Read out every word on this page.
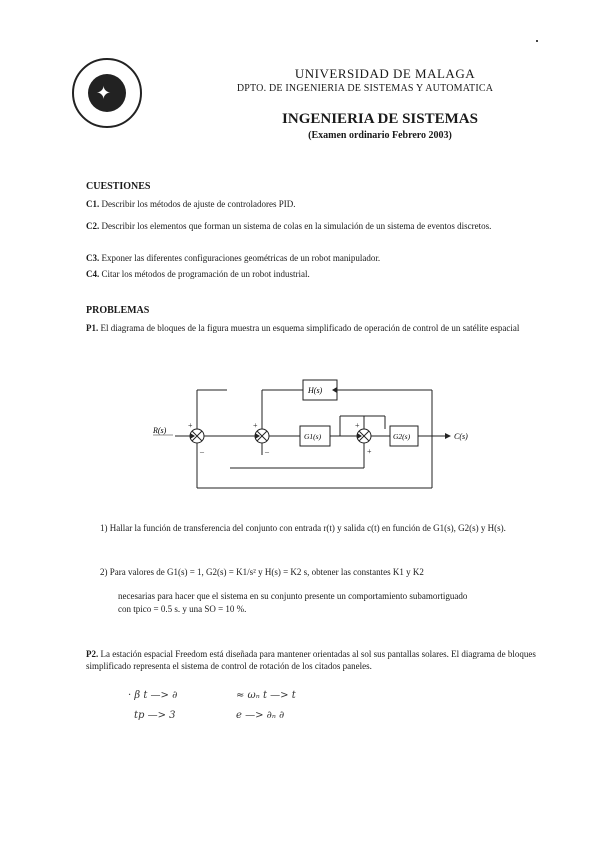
✦
UNIVERSIDAD DE MALAGA
DPTO. DE INGENIERIA DE SISTEMAS Y AUTOMATICA
INGENIERIA DE SISTEMAS
(Examen ordinario Febrero 2003)
CUESTIONES
C1. Describir los métodos de ajuste de controladores PID.
C2. Describir los elementos que forman un sistema de colas en la simulación de un sistema de eventos discretos.
C3. Exponer las diferentes configuraciones geométricas de un robot manipulador.
C4. Citar los métodos de programación de un robot industrial.
PROBLEMAS
P1. El diagrama de bloques de la figura muestra un esquema simplificado de operación de control de un satélite espacial
R(s)
C(s)
H(s)
G1(s)	G2(s)
+
–
+
–
+
+
1) Hallar la función de transferencia del conjunto con entrada r(t) y salida c(t) en función de G1(s), G2(s) y H(s).
2) Para valores de G1(s) = 1, G2(s) = K1/s² y H(s) = K2 s, obtener las constantes K1 y K2
necesarias para hacer que el sistema en su conjunto presente un comportamiento subamortiguado
con tpico = 0.5 s. y una SO = 10 %.
P2. La estación espacial Freedom está diseñada para mantener orientadas al sol sus pantallas solares. El diagrama de bloques simplificado representa el sistema de control de rotación de los citados paneles.
· β t —> ∂	≈ ωₙ t —> t
tp —> 3	e —> ∂ₙ ∂
